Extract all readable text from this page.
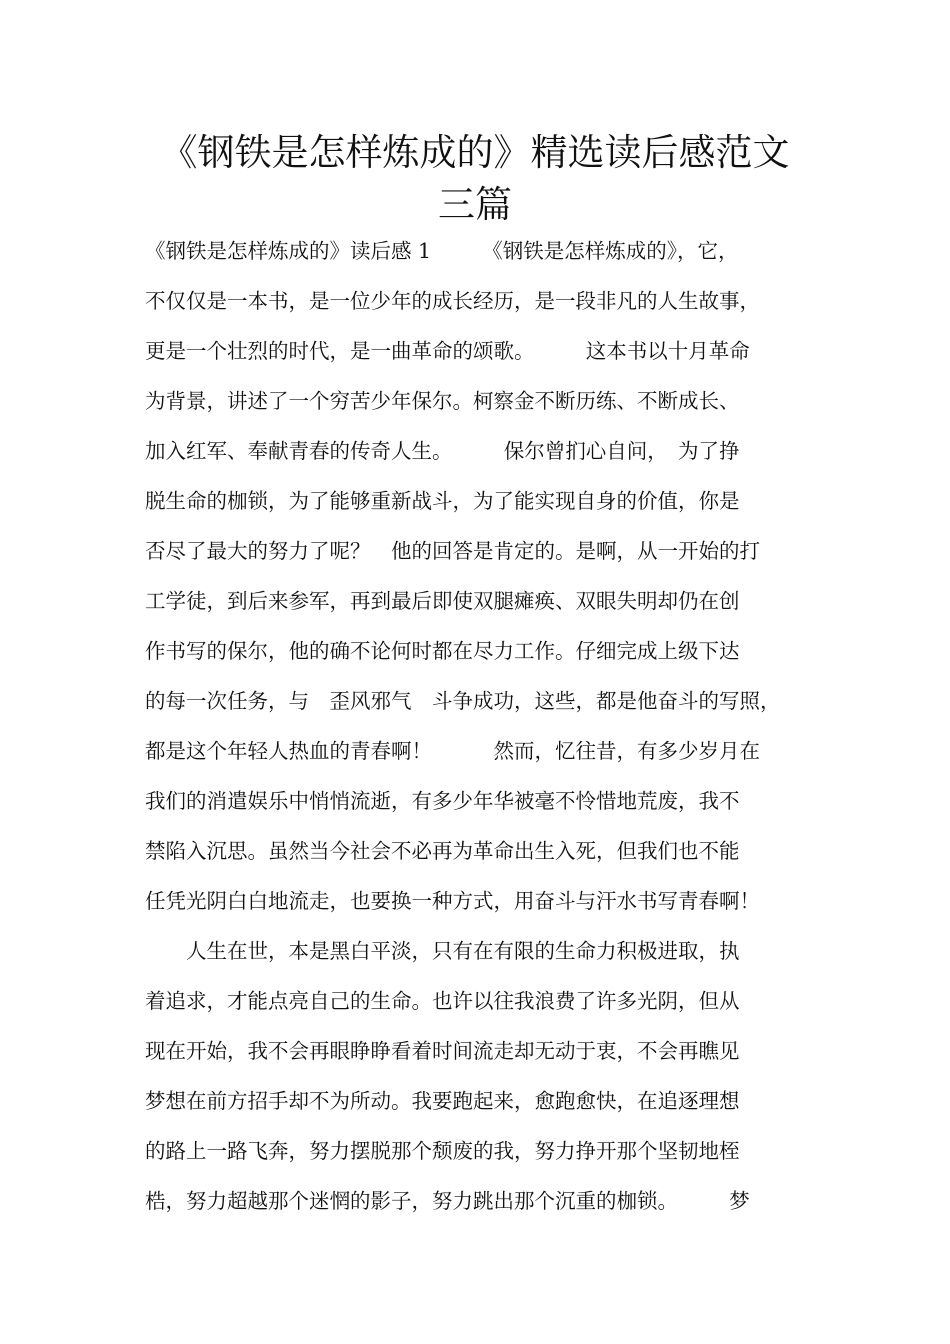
《钢铁是怎样炼成的》精选读后感范文
三篇
《钢铁是怎样炼成的》读后感 1　　　《钢铁是怎样炼成的》，它，
不仅仅是一本书，是一位少年的成长经历，是一段非凡的人生故事，
更是一个壮烈的时代，是一曲革命的颂歌。　　　这本书以十月革命
为背景，讲述了一个穷苦少年保尔。柯察金不断历练、不断成长、
加入红军、奉献青春的传奇人生。　　　保尔曾扪心自问，　为了挣
脱生命的枷锁，为了能够重新战斗，为了能实现自身的价值，你是
否尽了最大的努力了呢？　他的回答是肯定的。是啊，从一开始的打
工学徒，到后来参军，再到最后即使双腿瘫痪、双眼失明却仍在创
作书写的保尔，他的确不论何时都在尽力工作。仔细完成上级下达
的每一次任务，与　歪风邪气　斗争成功，这些，都是他奋斗的写照，
都是这个年轻人热血的青春啊！　　　然而，忆往昔，有多少岁月在
我们的消遣娱乐中悄悄流逝，有多少年华被毫不怜惜地荒废，我不
禁陷入沉思。虽然当今社会不必再为革命出生入死，但我们也不能
任凭光阴白白地流走，也要换一种方式，用奋斗与汗水书写青春啊！
　　人生在世，本是黑白平淡，只有在有限的生命力积极进取，执
着追求，才能点亮自己的生命。也许以往我浪费了许多光阴，但从
现在开始，我不会再眼睁睁看着时间流走却无动于衷，不会再瞧见
梦想在前方招手却不为所动。我要跑起来，愈跑愈快，在追逐理想
的路上一路飞奔，努力摆脱那个颓废的我，努力挣开那个坚韧地桎
梏，努力超越那个迷惘的影子，努力跳出那个沉重的枷锁。　　　梦
